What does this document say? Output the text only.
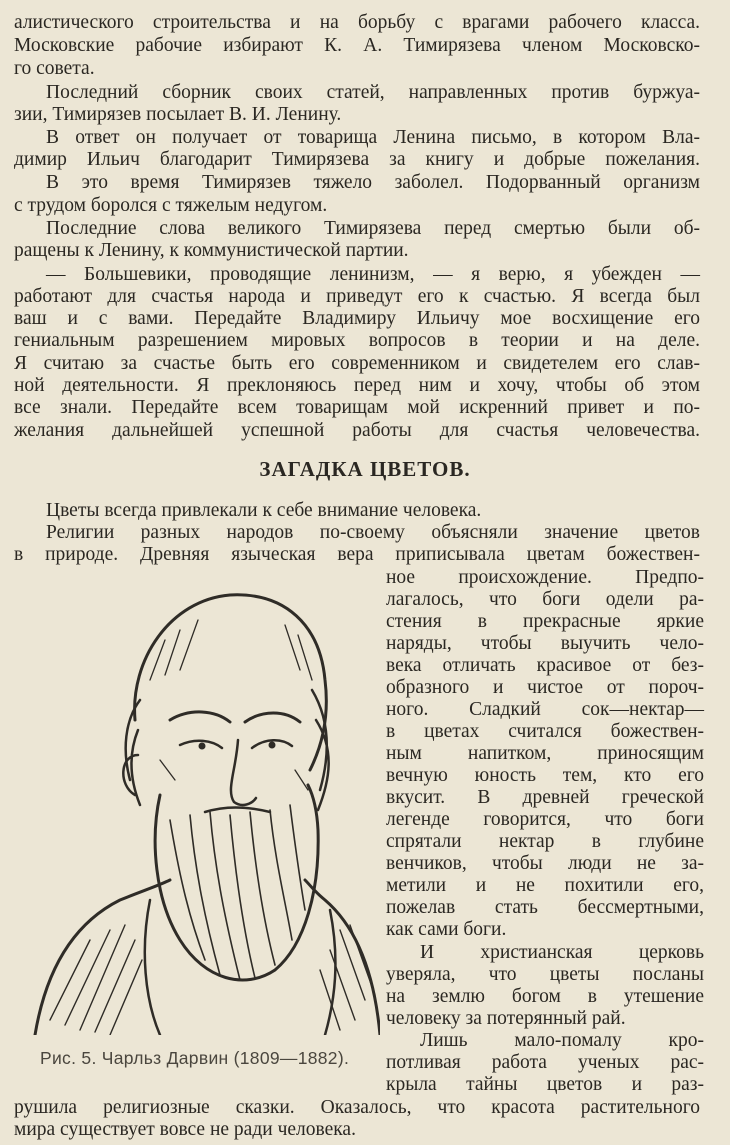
алистического строительства и на борьбу с врагами рабочего класса.
Московские рабочие избирают К. А. Тимирязева членом Московско-
го совета.
Последний сборник своих статей, направленных против буржуа-
зии, Тимирязев посылает В. И. Ленину.
В ответ он получает от товарища Ленина письмо, в котором Вла-
димир Ильич благодарит Тимирязева за книгу и добрые пожелания.
В это время Тимирязев тяжело заболел. Подорванный организм
с трудом боролся с тяжелым недугом.
Последние слова великого Тимирязева перед смертью были об-
ращены к Ленину, к коммунистической партии.
— Большевики, проводящие ленинизм, — я верю, я убежден —
работают для счастья народа и приведут его к счастью. Я всегда был
ваш и с вами. Передайте Владимиру Ильичу мое восхищение его
гениальным разрешением мировых вопросов в теории и на деле.
Я считаю за счастье быть его современником и свидетелем его слав-
ной деятельности. Я преклоняюсь перед ним и хочу, чтобы об этом
все знали. Передайте всем товарищам мой искренний привет и по-
желания дальнейшей успешной работы для счастья человечества.
ЗАГАДКА ЦВЕТОВ.
Цветы всегда привлекали к себе внимание человека.
Религии разных народов по-своему объясняли значение цветов
в природе. Древняя языческая вера приписывала цветам божествен-
ное происхождение. Предпо-
лагалось, что боги одели ра-
стения в прекрасные яркие
наряды, чтобы выучить чело-
века отличать красивое от без-
образного и чистое от пороч-
ного. Сладкий сок—нектар—
в цветах считался божествен-
ным напитком, приносящим
вечную юность тем, кто его
вкусит. В древней греческой
легенде говорится, что боги
спрятали нектар в глубине
венчиков, чтобы люди не за-
метили и не похитили его,
пожелав стать бессмертными,
как сами боги.
И христианская церковь
уверяла, что цветы посланы
на землю богом в утешение
человеку за потерянный рай.
Лишь мало-помалу кро-
потливая работа ученых рас-
крыла тайны цветов и раз-
Рис. 5. Чарльз Дарвин (1809—1882).
рушила религиозные сказки. Оказалось, что красота растительного
мира существует вовсе не ради человека.
